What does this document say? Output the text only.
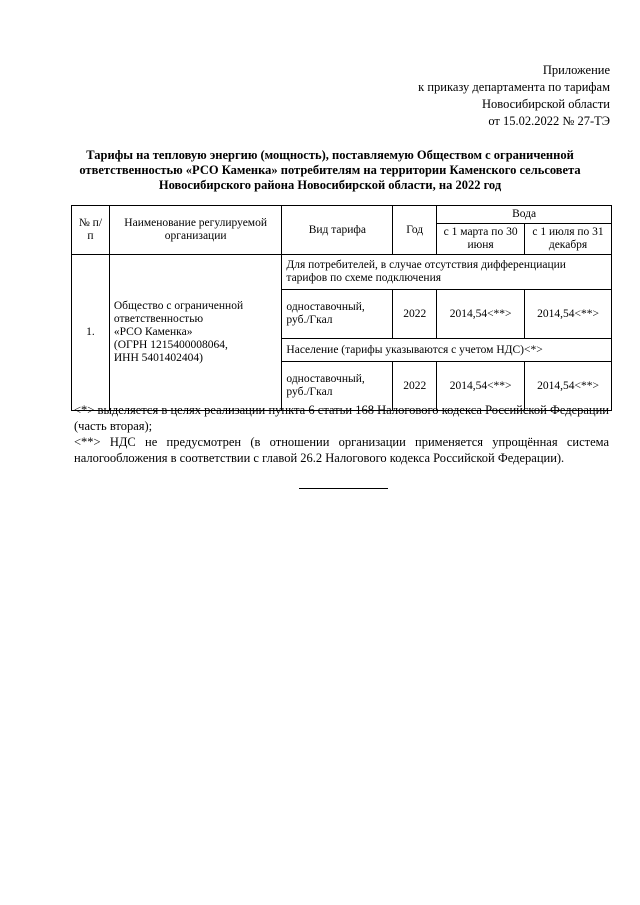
Приложение
к приказу департамента по тарифам
Новосибирской области
от 15.02.2022 № 27-ТЭ
Тарифы на тепловую энергию (мощность), поставляемую Обществом с ограниченной
ответственностью «РСО Каменка» потребителям на территории Каменского сельсовета
Новосибирского района Новосибирской области, на 2022 год
№ п/п	Наименование регулируемой организации	Вид тарифа	Год	Вода	
				с 1 марта по 30 июня	с 1 июля по 31 декабря
1.	Общество с ограниченной ответственностью
«РСО Каменка»
(ОГРН 1215400008064,
ИНН 5401402404)	Для потребителей, в случае отсутствия дифференциации тарифов по схеме подключения			
		одноставочный, руб./Гкал	2022	2014,54<**>	2014,54<**>
		Население (тарифы указываются с учетом НДС)<*>			
		одноставочный, руб./Гкал	2022	2014,54<**>	2014,54<**>

<*> выделяется в целях реализации пункта 6 статьи 168 Налогового кодекса Российской Федерации (часть вторая);

<**> НДС не предусмотрен (в отношении организации применяется упрощённая система налогообложения в соответствии с главой 26.2 Налогового кодекса Российской Федерации).
